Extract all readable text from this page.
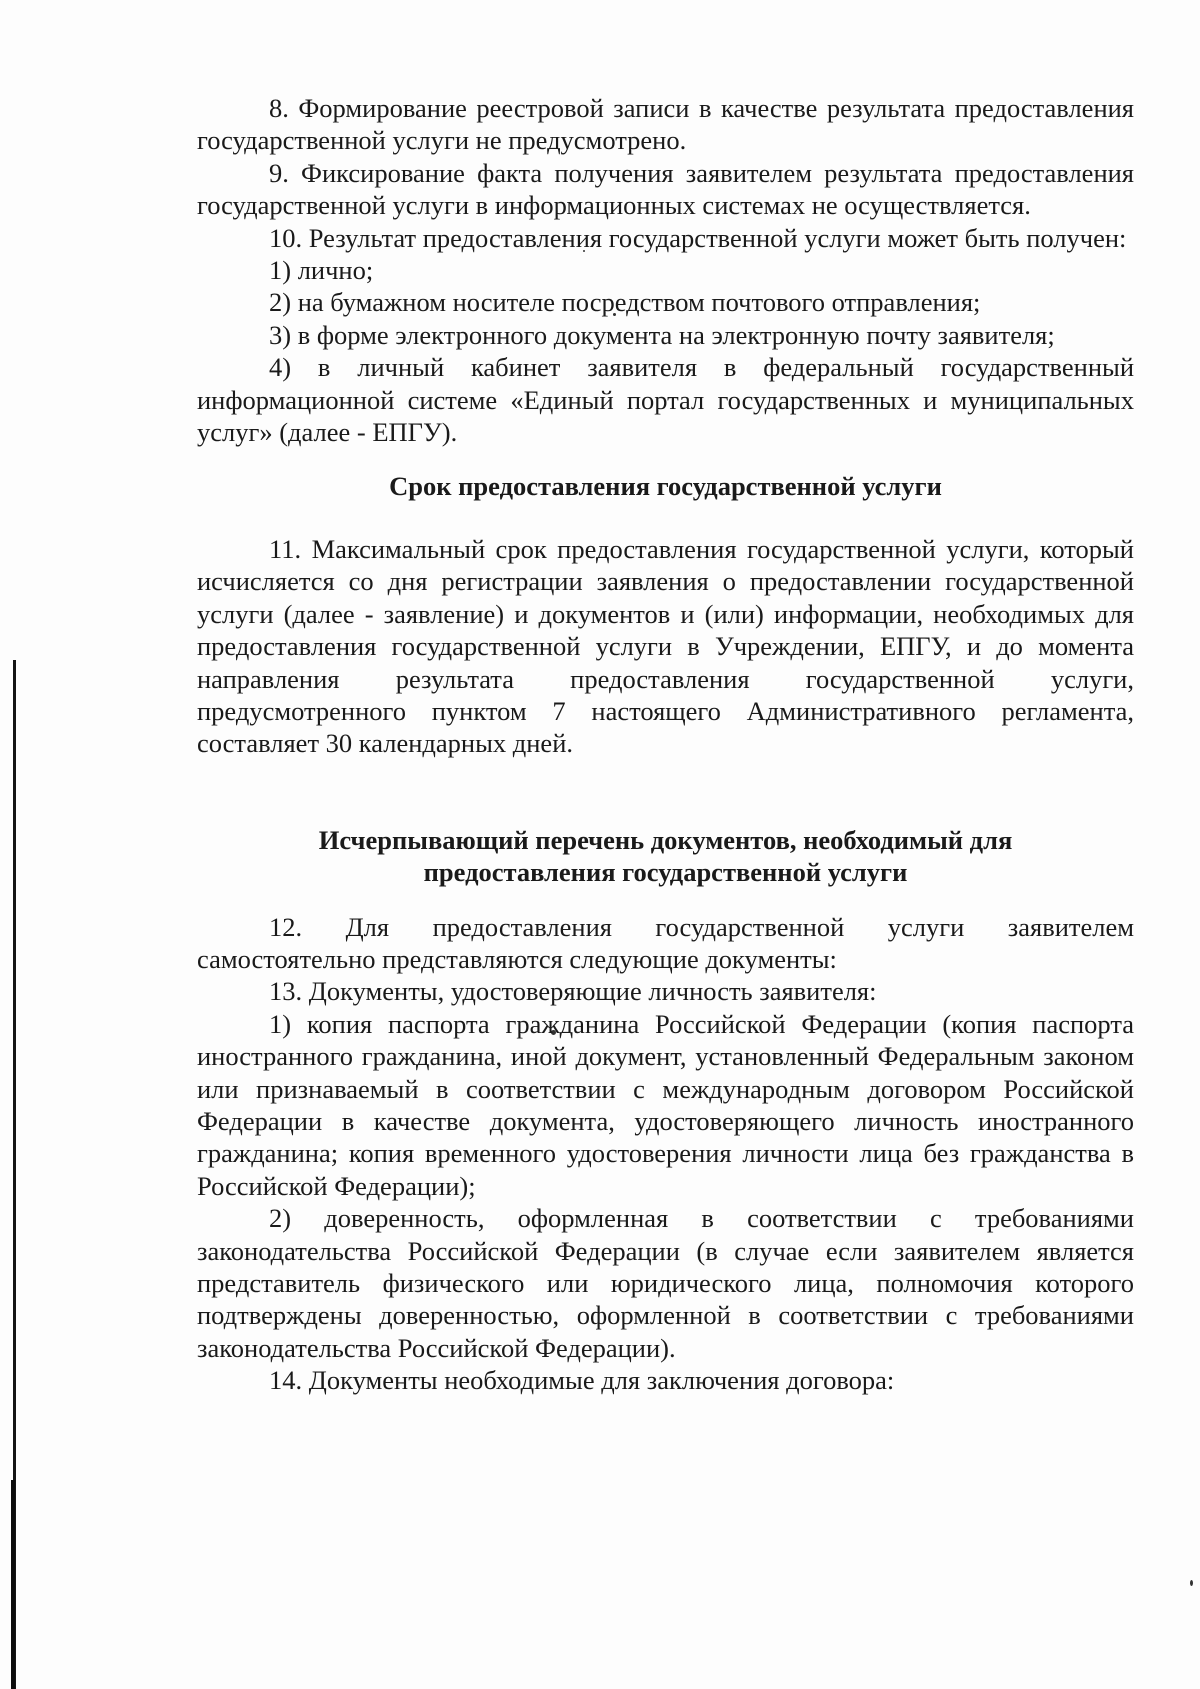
8. Формирование реестровой записи в качестве результата предоставления государственной услуги не предусмотрено.

9. Фиксирование факта получения заявителем результата предоставления государственной услуги в информационных системах не осуществляется.

10. Результат предоставления государственной услуги может быть получен:

1) лично;

2) на бумажном носителе посредством почтового отправления;

3) в форме электронного документа на электронную почту заявителя;

4) в личный кабинет заявителя в федеральный государственный информационной системе «Единый портал государственных и муниципальных услуг» (далее - ЕПГУ).

Срок предоставления государственной услуги

11. Максимальный срок предоставления государственной услуги, который исчисляется со дня регистрации заявления о предоставлении государственной услуги (далее - заявление) и документов и (или) информации, необходимых для предоставления государственной услуги в Учреждении, ЕПГУ, и до момента направления результата предоставления государственной услуги, предусмотренного пунктом 7 настоящего Административного регламента, составляет 30 календарных дней.

Исчерпывающий перечень документов, необходимый для

предоставления государственной услуги

12. Для предоставления государственной услуги заявителем самостоятельно представляются следующие документы:

13. Документы, удостоверяющие личность заявителя:

1) копия паспорта гражданина Российской Федерации (копия паспорта иностранного гражданина, иной документ, установленный Федеральным законом или признаваемый в соответствии с международным договором Российской Федерации в качестве документа, удостоверяющего личность иностранного гражданина; копия временного удостоверения личности лица без гражданства в Российской Федерации);

2) доверенность, оформленная в соответствии с требованиями законодательства Российской Федерации (в случае если заявителем является представитель физического или юридического лица, полномочия которого подтверждены доверенностью, оформленной в соответствии с требованиями законодательства Российской Федерации).

14. Документы необходимые для заключения договора:
